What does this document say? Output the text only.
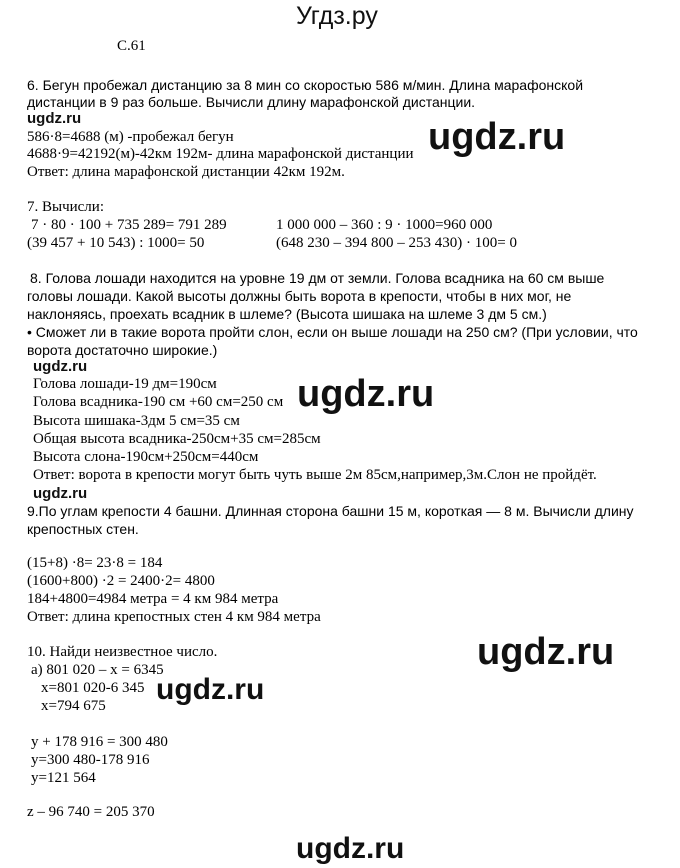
Угдз.ру
С.61
6. Бегун пробежал дистанцию за 8 мин со скоростью 586 м/мин. Длина марафонской
дистанции в 9 раз больше. Вычисли длину марафонской дистанции.
ugdz.ru
586·8=4688 (м) -пробежал бегун
4688·9=42192(м)-42км 192м- длина марафонской дистанции
Ответ: длина марафонской дистанции 42км 192м.
ugdz.ru
7. Вычисли:
7 · 80 · 100 + 735 289= 791 289
(39 457 + 10 543) : 1000= 50
1 000 000 – 360 : 9 · 1000=960 000
(648 230 – 394 800 – 253 430) · 100= 0
8. Голова лошади находится на уровне 19 дм от земли. Голова всадника на 60 см выше
головы лошади. Какой высоты должны быть ворота в крепости, чтобы в них мог, не
наклоняясь, проехать всадник в шлеме? (Высота шишака на шлеме 3 дм 5 см.)
• Сможет ли в такие ворота пройти слон, если он выше лошади на 250 см? (При условии, что
ворота достаточно широкие.)
ugdz.ru
Голова лошади-19 дм=190см
Голова всадника-190 см +60 см=250 см
Высота шишака-3дм 5 см=35 см
Общая высота всадника-250см+35 см=285см
Высота слона-190см+250см=440см
Ответ: ворота в крепости могут быть чуть выше 2м 85см,например,3м.Слон не пройдёт.
ugdz.ru
ugdz.ru
9.По углам крепости 4 башни. Длинная сторона башни 15 м, короткая — 8 м. Вычисли длину
крепостных стен.
(15+8) ·8= 23·8 = 184
(1600+800) ·2 = 2400·2= 4800
184+4800=4984 метра = 4 км 984 метра
Ответ: длина крепостных стен 4 км 984 метра
10. Найди неизвестное число.
а) 801 020 – x = 6345
x=801 020-6 345
x=794 675 ugdz.ru
ugdz.ru
y + 178 916 = 300 480
y=300 480-178 916
y=121 564
z – 96 740 = 205 370
ugdz.ru
